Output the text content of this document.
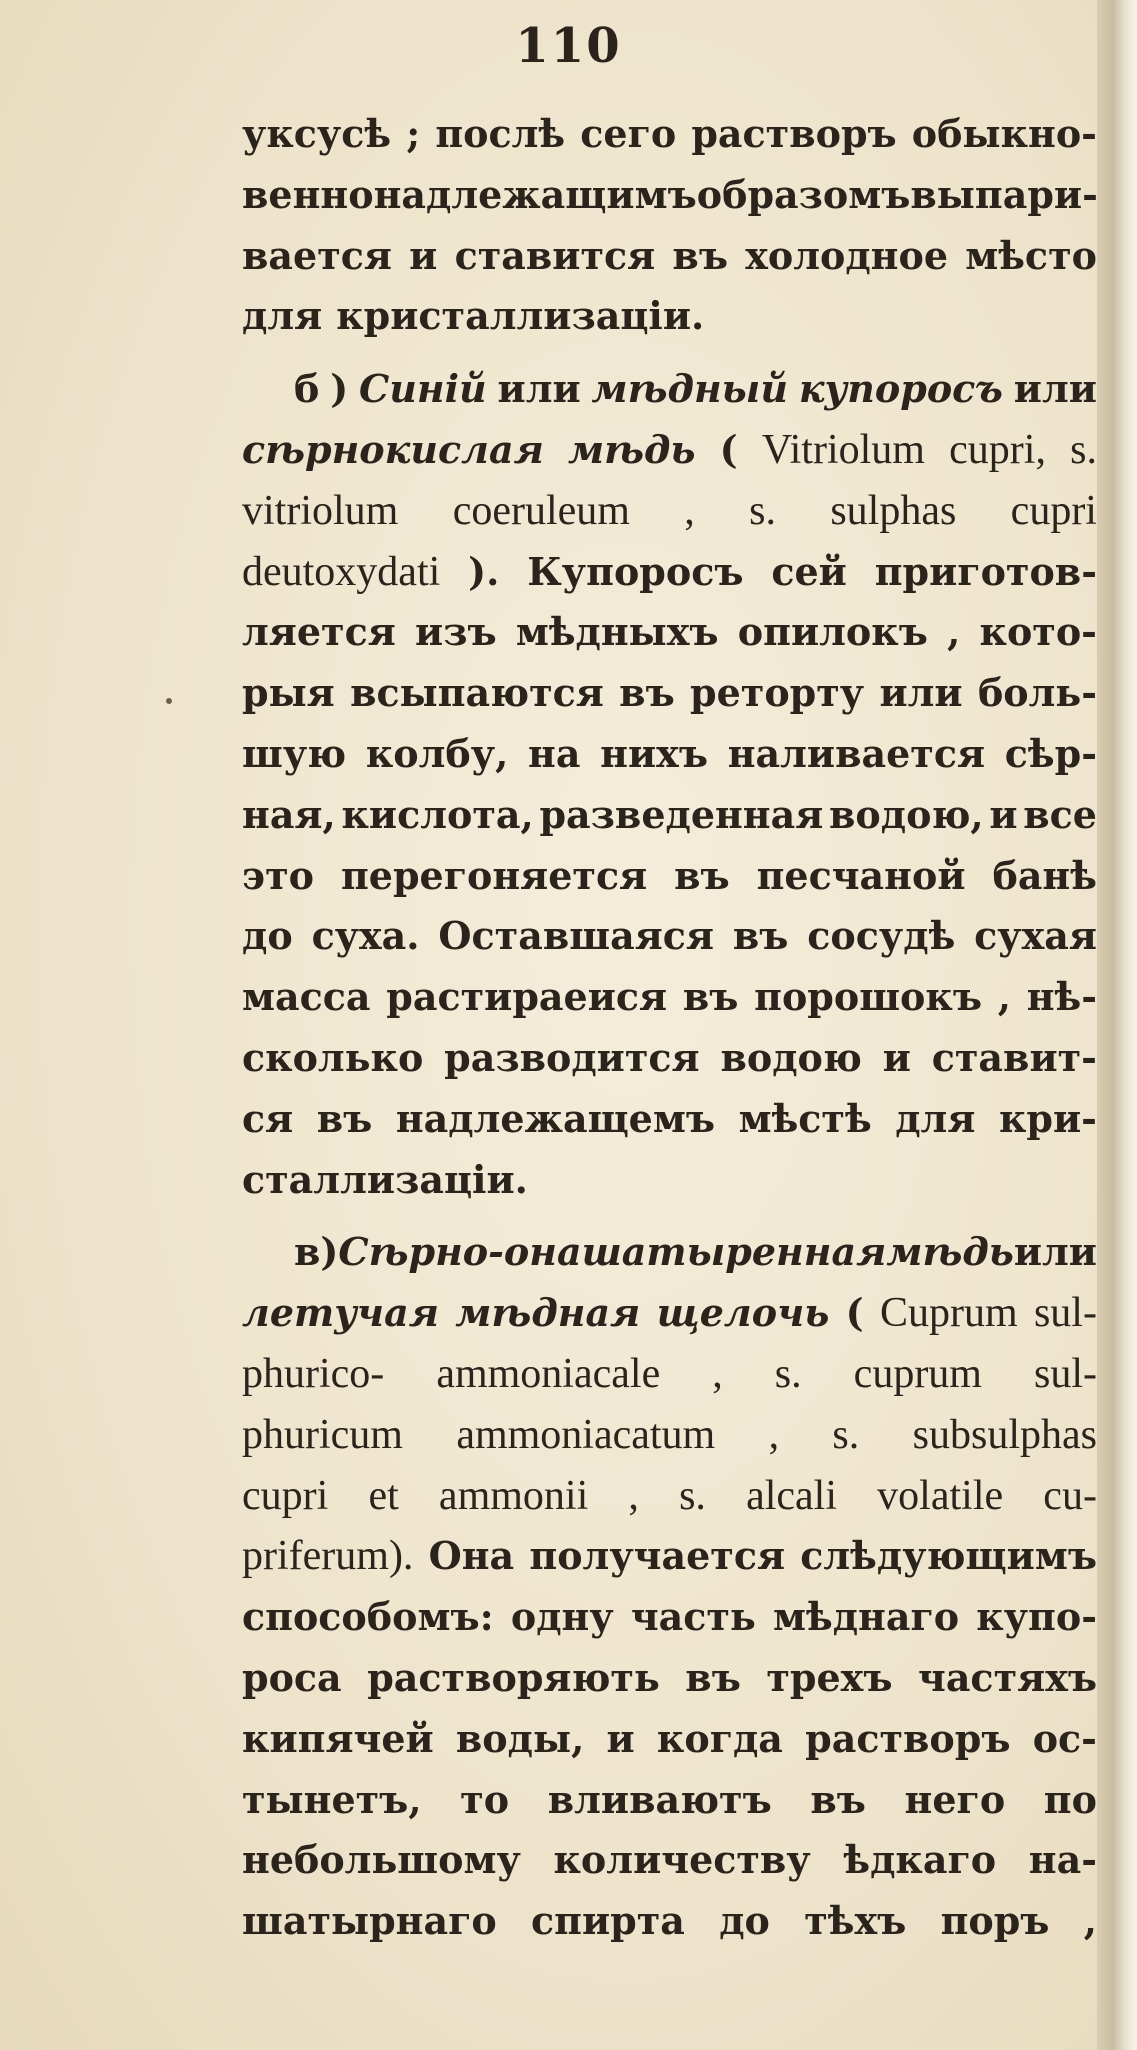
110
уксусѣ ; послѣ сего растворъ обыкно-
венно надлежащимъ образомъ выпари-
вается и ставится въ холодное мѣсто
для кристаллизаціи.
б ) Синій или мѣдный купоросъ или
сѣрнокислая мѣдь ( Vitriolum cupri, s.
vitriolum coeruleum , s. sulphas cupri
deutoxydati ). Купоросъ сей приготов-
ляется изъ мѣдныхъ опилокъ , кото-
рыя всыпаются въ реторту или боль-
шую колбу, на нихъ наливается сѣр-
ная, кислота, разведенная водою, и все
это перегоняется въ песчаной банѣ
до суха. Оставшаяся въ сосудѣ сухая
масса растираеися въ порошокъ , нѣ-
сколько разводится водою и ставит-
ся въ надлежащемъ мѣстѣ для кри-
сталлизаціи.
в ) Сѣрно-онашатыренная мѣдь или
летучая мѣдная щелочь ( Cuprum sul-
phurico- ammoniacale , s. cuprum sul-
phuricum ammoniacatum , s. subsulphas
cupri et ammonii , s. alcali volatile cu-
priferum). Она получается слѣдующимъ
способомъ: одну часть мѣднаго купо-
роса растворяють въ трехъ частяхъ
кипячей воды, и когда растворъ ос-
тынетъ, то вливаютъ въ него по
небольшому количеству ѣдкаго на-
шатырнаго спирта до тѣхъ поръ ,
